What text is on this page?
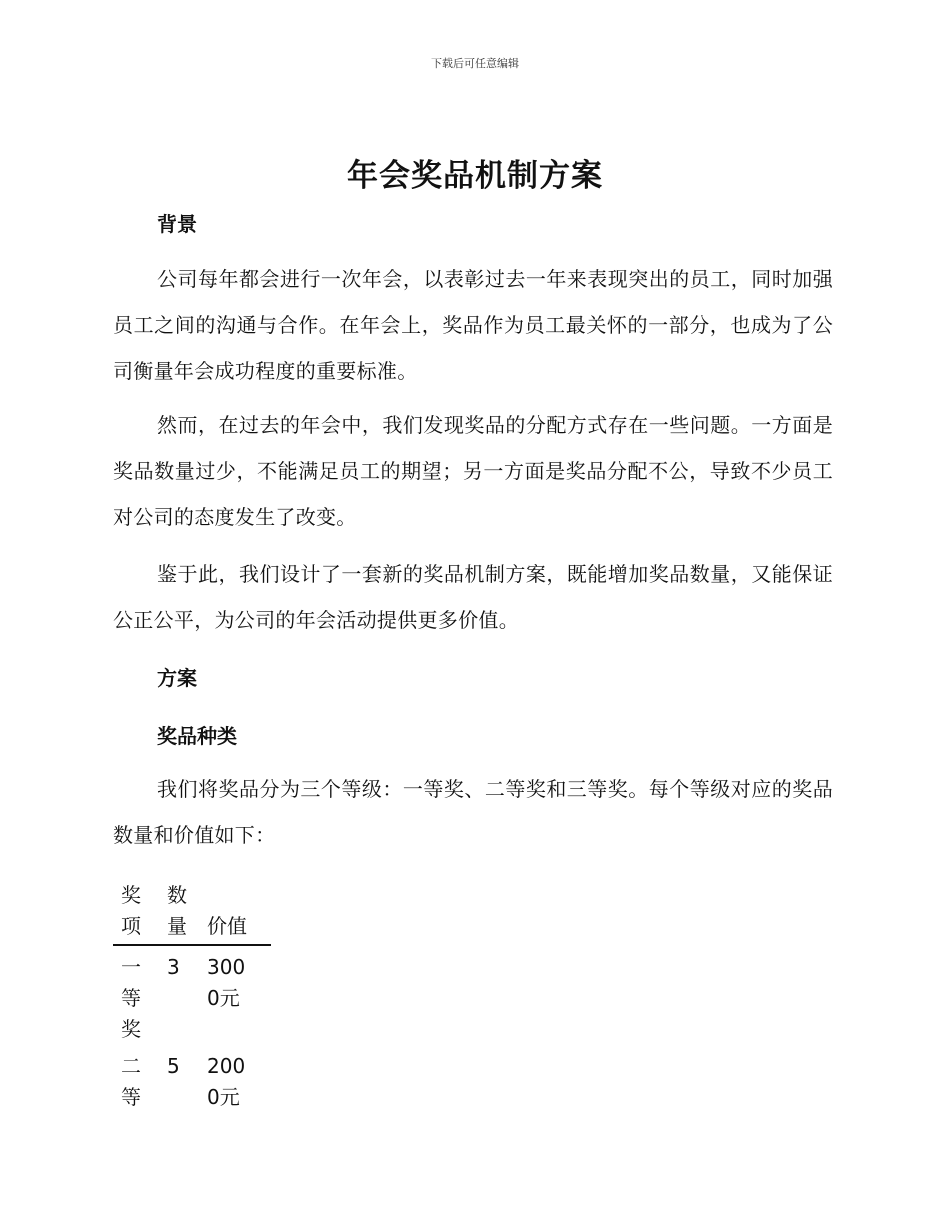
下载后可任意编辑
年会奖品机制方案
背景

公司每年都会进行一次年会，以表彰过去一年来表现突出的员工，同时加强员工之间的沟通与合作。在年会上，奖品作为员工最关怀的一部分，也成为了公司衡量年会成功程度的重要标准。

然而，在过去的年会中，我们发现奖品的分配方式存在一些问题。一方面是奖品数量过少，不能满足员工的期望；另一方面是奖品分配不公，导致不少员工对公司的态度发生了改变。

鉴于此，我们设计了一套新的奖品机制方案，既能增加奖品数量，又能保证公正公平，为公司的年会活动提供更多价值。

方案
奖品种类

我们将奖品分为三个等级：一等奖、二等奖和三等奖。每个等级对应的奖品数量和价值如下：

奖项	数量	价值
一等奖	3	3000元
二等	5	2000元
